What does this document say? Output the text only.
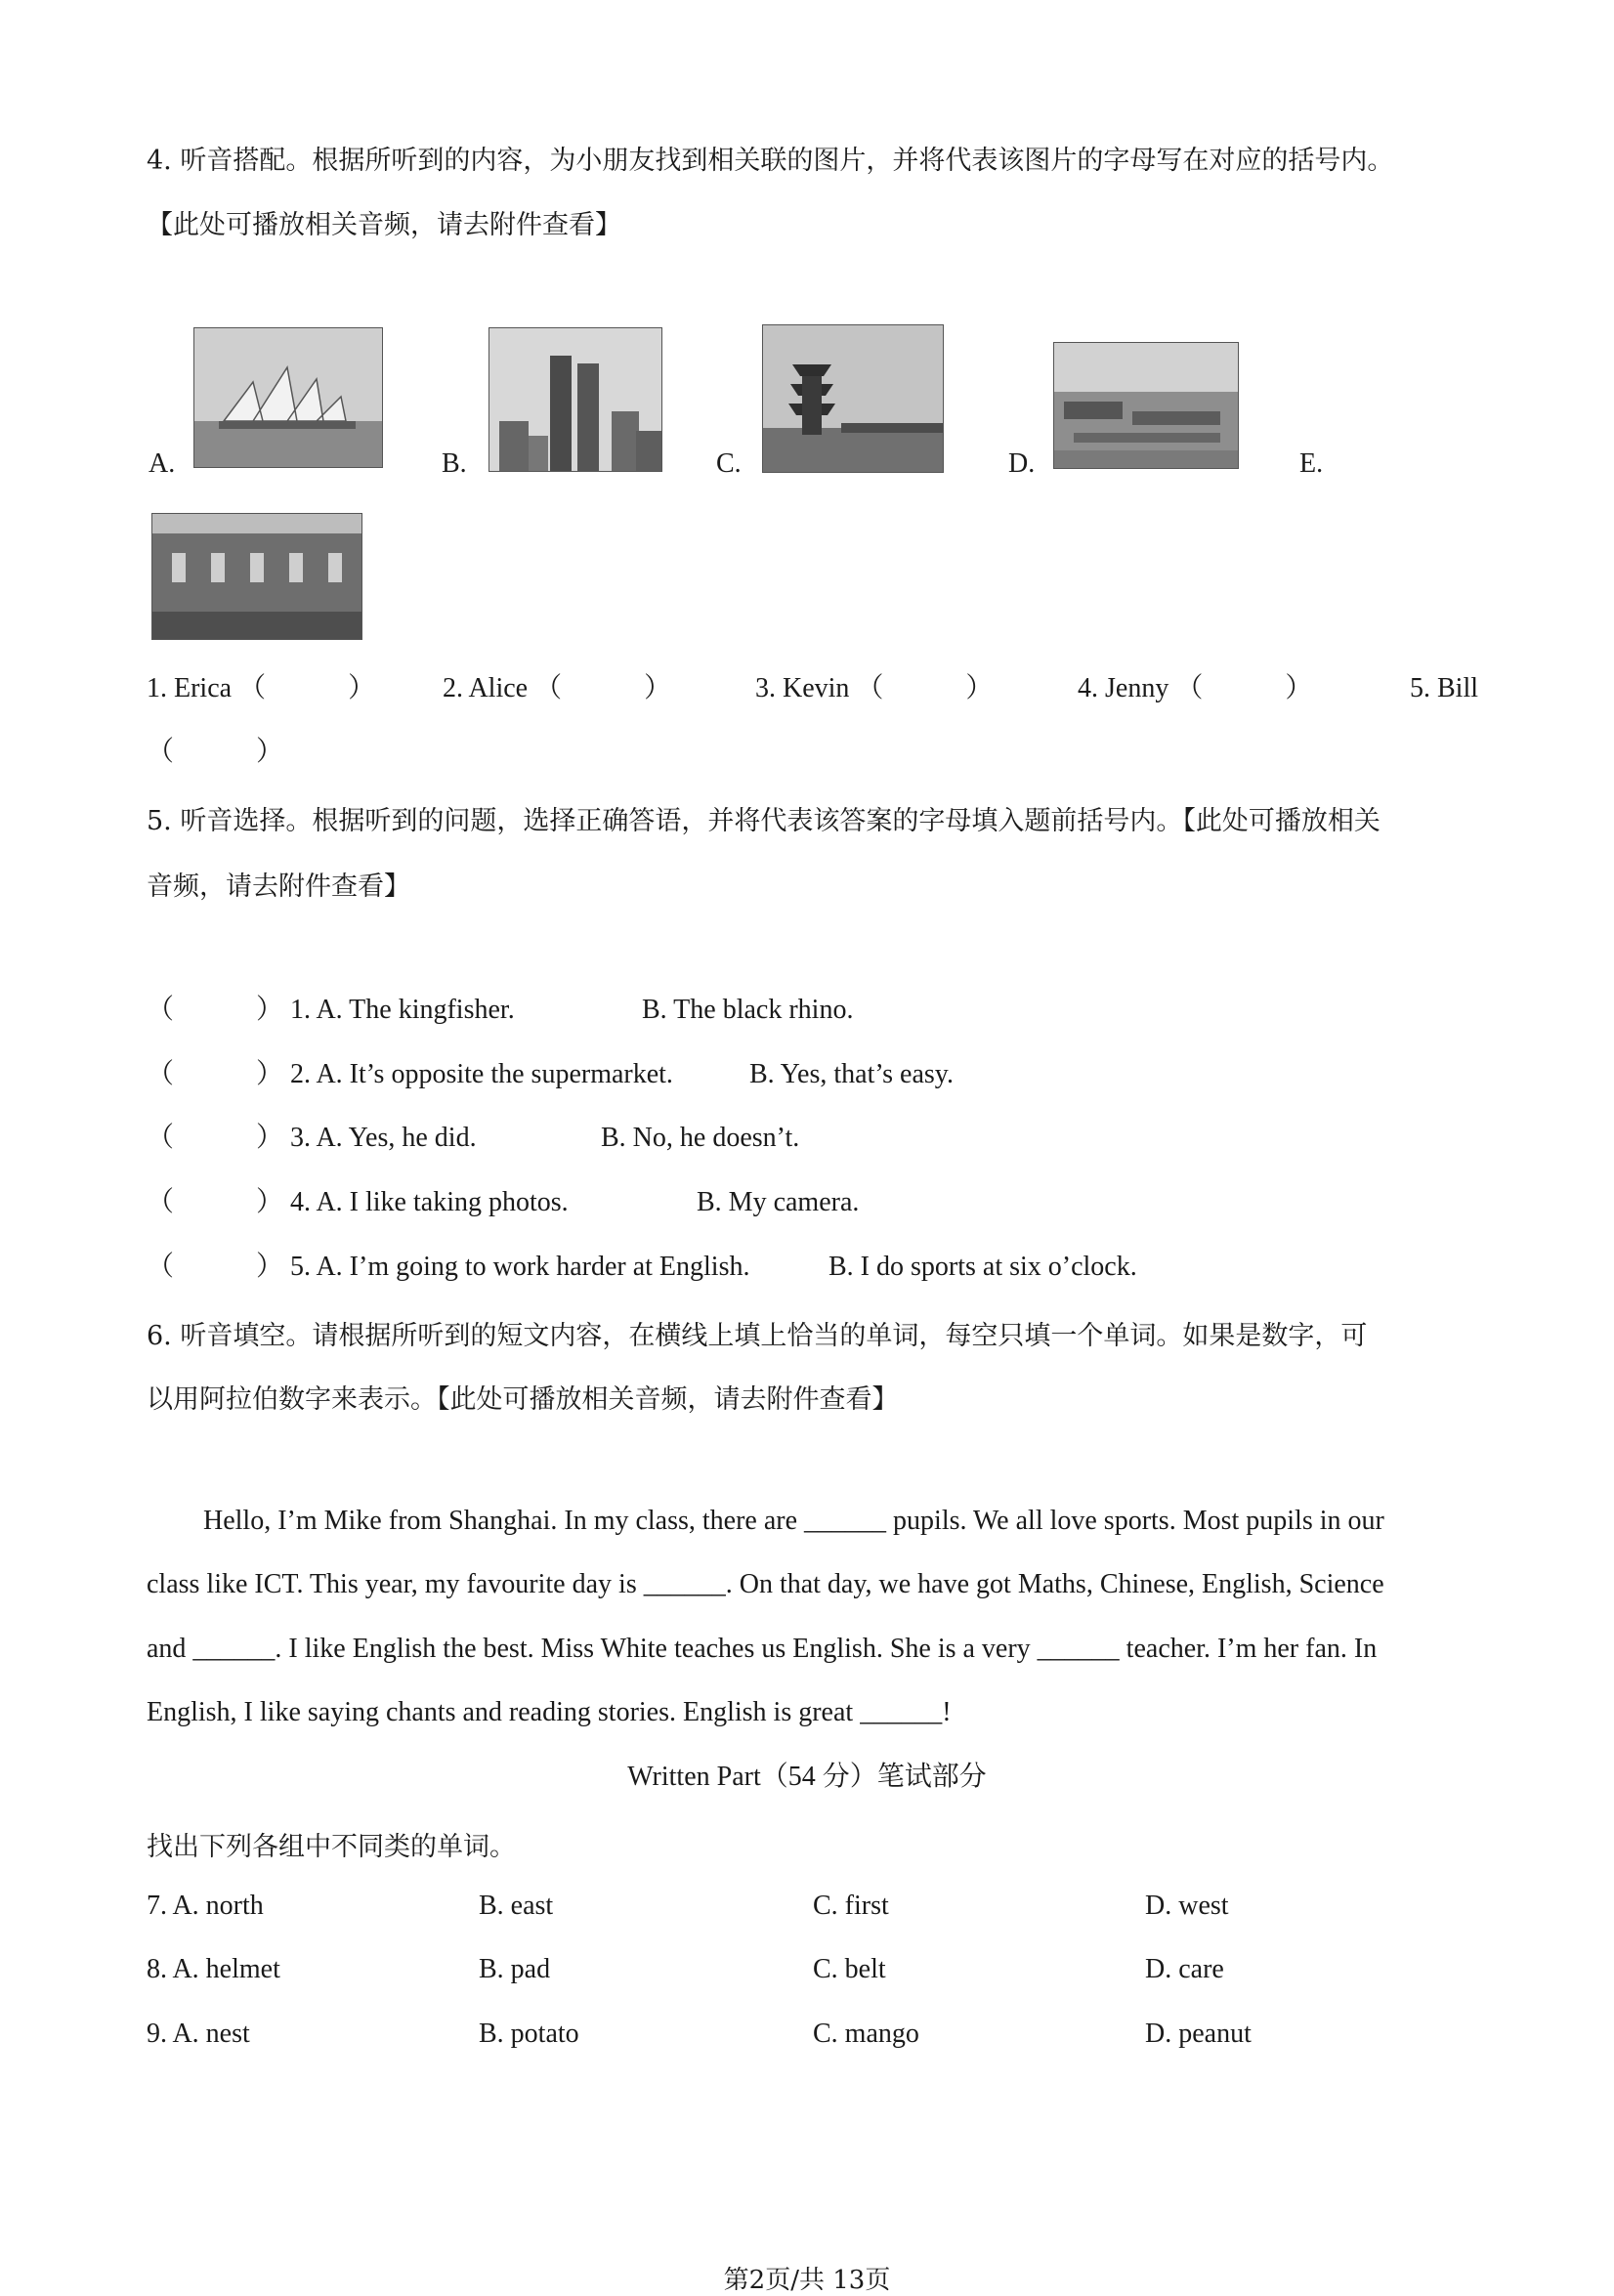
4. 听音搭配。根据所听到的内容，为小朋友找到相关联的图片，并将代表该图片的字母写在对应的括号内。
【此处可播放相关音频，请去附件查看】
A.	B.	C.	D.	E.
1. Erica （　　　） 2. Alice （　　　）	3. Kevin （　　　）	4. Jenny （　　　）	5. Bill
（　　　）
5. 听音选择。根据听到的问题，选择正确答语，并将代表该答案的字母填入题前括号内。【此处可播放相关
音频，请去附件查看】
（　　　） 1. A. The kingfisher.	B. The black rhino.
（　　　） 2. A. It’s opposite the supermarket.	B. Yes, that’s easy.
（　　　） 3. A. Yes, he did.	B. No, he doesn’t.
（　　　） 4. A. I like taking photos.	B. My camera.
（　　　） 5. A. I’m going to work harder at English.	B. I do sports at six o’clock.
6. 听音填空。请根据所听到的短文内容，在横线上填上恰当的单词，每空只填一个单词。如果是数字，可
以用阿拉伯数字来表示。【此处可播放相关音频，请去附件查看】
Hello, I’m Mike from Shanghai. In my class, there are ______ pupils. We all love sports. Most pupils in our
class like ICT. This year, my favourite day is ______. On that day, we have got Maths, Chinese, English, Science
and ______. I like English the best. Miss White teaches us English. She is a very ______ teacher. I’m her fan. In
English, I like saying chants and reading stories. English is great ______!
Written Part（54 分）笔试部分
找出下列各组中不同类的单词。
7. A. north	B. east	C. first	D. west
8. A. helmet	B. pad	C. belt	D. care
9. A. nest	B. potato	C. mango	D. peanut
第2页/共 13页
